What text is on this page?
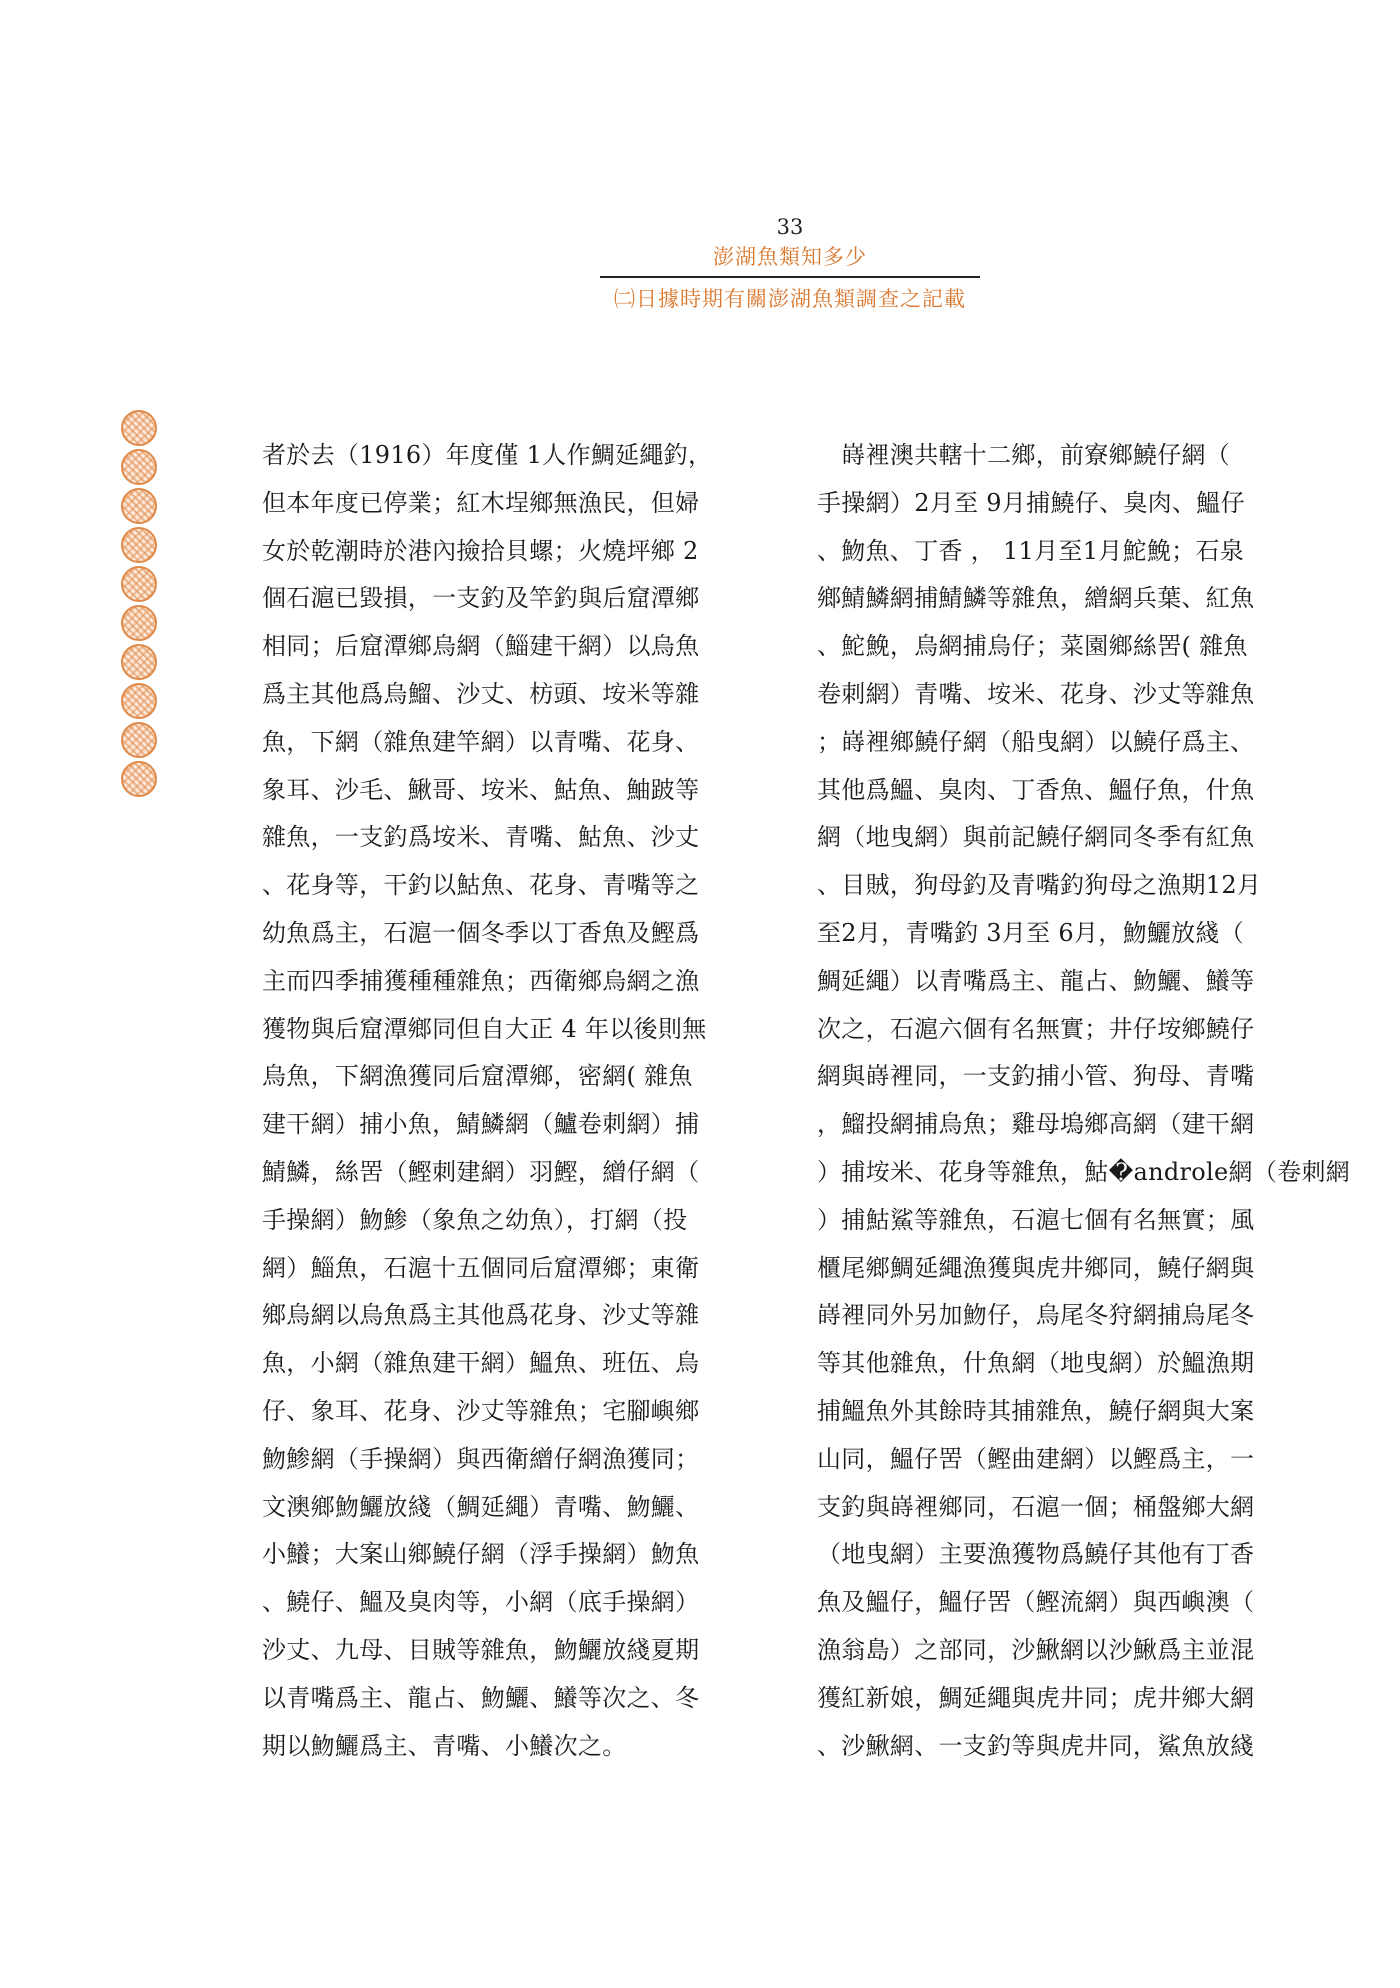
33
澎湖魚類知多少
㈡日據時期有關澎湖魚類調查之記載
者於去（1916）年度僅 1人作鯛延繩釣，
但本年度已停業；紅木埕鄉無漁民，但婦
女於乾潮時於港內撿拾貝螺；火燒坪鄉 2
個石滬已毀損，一支釣及竿釣與后窟潭鄉
相同；后窟潭鄉烏網（鯔建干網）以烏魚
爲主其他爲烏鰡、沙丈、枋頭、垵米等雜
魚，下網（雜魚建竿網）以青嘴、花身、
象耳、沙毛、鰍哥、垵米、鮕魚、鮋跛等
雜魚，一支釣爲垵米、青嘴、鮕魚、沙丈
、花身等，干釣以鮕魚、花身、青嘴等之
幼魚爲主，石滬一個冬季以丁香魚及鰹爲
主而四季捕獲種種雜魚；西衛鄉烏網之漁
獲物與后窟潭鄉同但自大正 4 年以後則無
烏魚，下網漁獲同后窟潭鄉，密網( 雜魚
建干網）捕小魚，鯖鱗網（鱸卷刺網）捕
鯖鱗，絲罟（鰹刺建網）羽鰹，繒仔網（
手操網）魩鯵（象魚之幼魚），打網（投
網）鯔魚，石滬十五個同后窟潭鄉；東衛
鄉烏網以烏魚爲主其他爲花身、沙丈等雜
魚，小網（雜魚建干網）鰮魚、班伍、烏
仔、象耳、花身、沙丈等雜魚；宅腳嶼鄉
魩鯵網（手操網）與西衛繒仔網漁獲同；
文澳鄉魩鱺放綫（鯛延繩）青嘴、魩鱺、
小鱶；大案山鄉鱙仔網（浮手操網）魩魚
、鱙仔、鰮及臭肉等，小網（底手操網）
沙丈、九母、目賊等雜魚，魩鱺放綫夏期
以青嘴爲主、龍占、魩鱺、鱶等次之、冬
期以魩鱺爲主、青嘴、小鱶次之。
　嵵裡澳共轄十二鄉，前寮鄉鱙仔網（
手操網）2月至 9月捕鱙仔、臭肉、鰮仔
、魩魚、丁香 ， 11月至1月鮀鮸；石泉
鄉鯖鱗網捕鯖鱗等雜魚，繒網兵葉、紅魚
、鮀鮸，烏網捕烏仔；菜園鄉絲罟( 雜魚
卷刺網）青嘴、垵米、花身、沙丈等雜魚
；嵵裡鄉鱙仔網（船曳網）以鱙仔爲主、
其他爲鰮、臭肉、丁香魚、鰮仔魚，什魚
網（地曳網）與前記鱙仔網同冬季有紅魚
、目賊，狗母釣及青嘴釣狗母之漁期12月
至2月，青嘴釣 3月至 6月，魩鱺放綫（
鯛延繩）以青嘴爲主、龍占、魩鱺、鱶等
次之，石滬六個有名無實；井仔垵鄉鱙仔
網與嵵裡同，一支釣捕小管、狗母、青嘴
，鰡投網捕烏魚；雞母塢鄉高網（建干網
）捕垵米、花身等雜魚，鮕�androle網（卷刺網
）捕鮕鯊等雜魚，石滬七個有名無實；風
櫃尾鄉鯛延繩漁獲與虎井鄉同，鱙仔網與
嵵裡同外另加魩仔，烏尾冬狩網捕烏尾冬
等其他雜魚，什魚網（地曳網）於鰮漁期
捕鰮魚外其餘時其捕雜魚，鱙仔網與大案
山同，鰮仔罟（鰹曲建網）以鰹爲主，一
支釣與嵵裡鄉同，石滬一個；桶盤鄉大網
（地曳網）主要漁獲物爲鱙仔其他有丁香
魚及鰮仔，鰮仔罟（鰹流網）與西嶼澳（
漁翁島）之部同，沙鰍網以沙鰍爲主並混
獲紅新娘，鯛延繩與虎井同；虎井鄉大網
、沙鰍網、一支釣等與虎井同，鯊魚放綫
